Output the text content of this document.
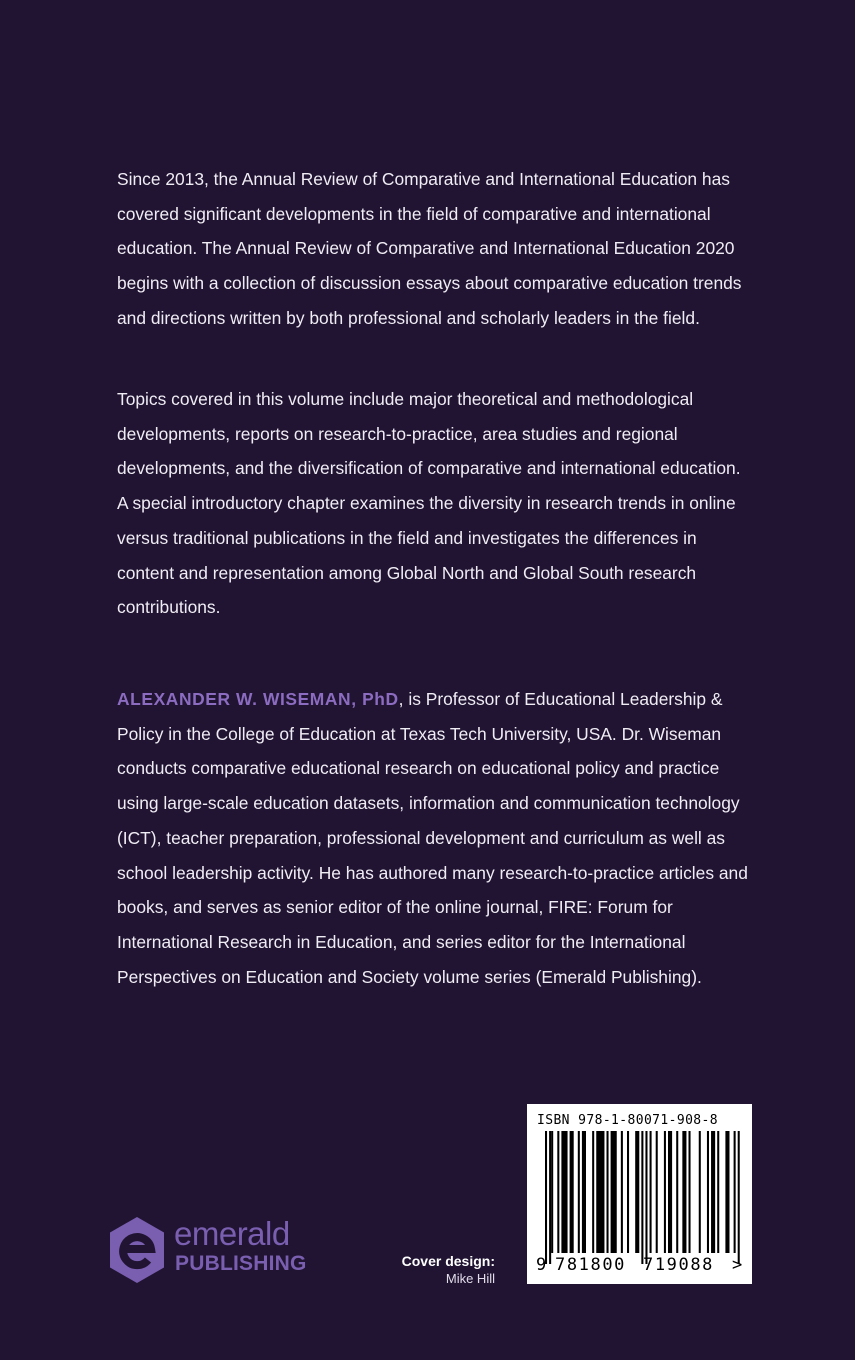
Since 2013, the Annual Review of Comparative and International Education has covered significant developments in the field of comparative and international education. The Annual Review of Comparative and International Education 2020 begins with a collection of discussion essays about comparative education trends and directions written by both professional and scholarly leaders in the field.

Topics covered in this volume include major theoretical and methodological developments, reports on research-to-practice, area studies and regional developments, and the diversification of comparative and international education. A special introductory chapter examines the diversity in research trends in online versus traditional publications in the field and investigates the differences in content and representation among Global North and Global South research contributions.

ALEXANDER W. WISEMAN, PhD, is Professor of Educational Leadership & Policy in the College of Education at Texas Tech University, USA. Dr. Wiseman conducts comparative educational research on educational policy and practice using large-scale education datasets, information and communication technology (ICT), teacher preparation, professional development and curriculum as well as school leadership activity. He has authored many research-to-practice articles and books, and serves as senior editor of the online journal, FIRE: Forum for International Research in Education, and series editor for the International Perspectives on Education and Society volume series (Emerald Publishing).

emerald
PUBLISHING	Cover design:
Mike Hill
ISBN 978-1-80071-908-8
9 781800 719088 >
